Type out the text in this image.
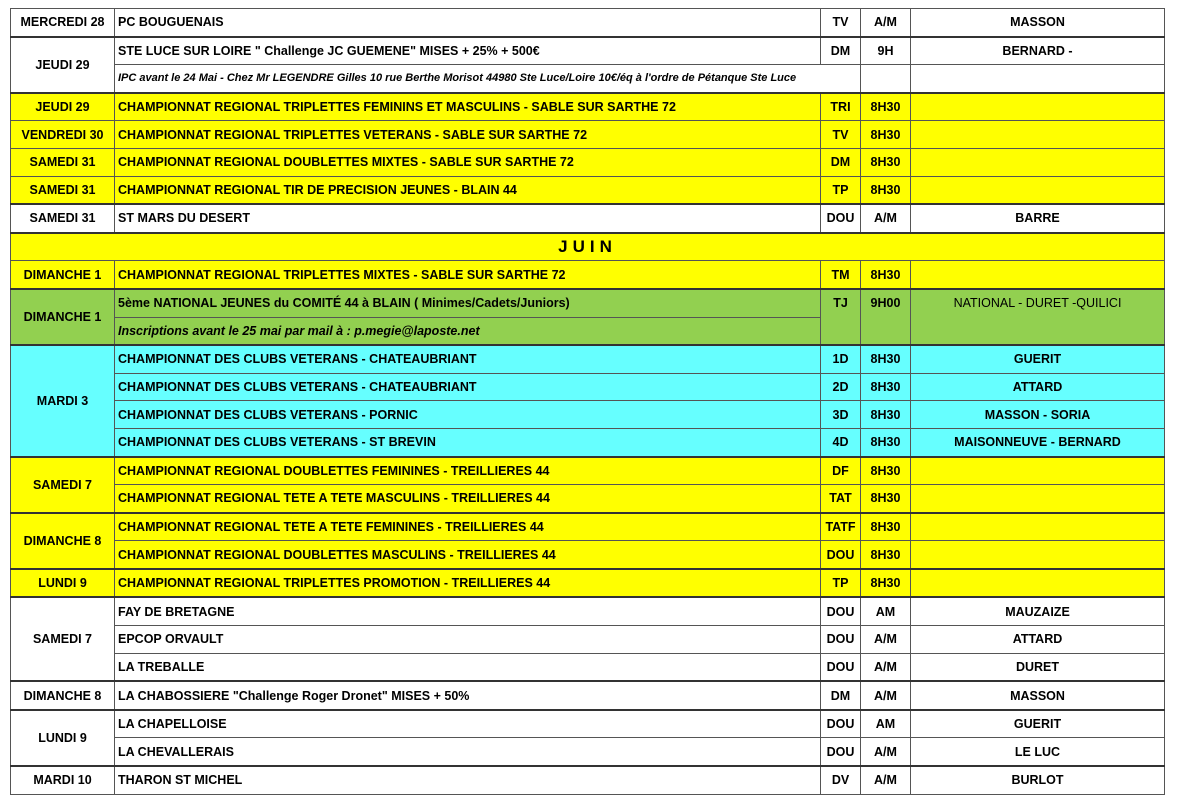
MERCREDI 28	PC BOUGUENAIS	TV	A/M	MASSON
JEUDI 29	STE LUCE SUR LOIRE " Challenge JC GUEMENE" MISES + 25% + 500€	DM	9H	BERNARD -
	IPC avant le 24 Mai - Chez Mr LEGENDRE Gilles 10 rue Berthe Morisot 44980 Ste Luce/Loire 10€/éq à l'ordre de Pétanque Ste Luce			
JEUDI 29	CHAMPIONNAT REGIONAL TRIPLETTES FEMININS ET MASCULINS - SABLE SUR SARTHE 72	TRI	8H30	
VENDREDI 30	CHAMPIONNAT REGIONAL TRIPLETTES VETERANS - SABLE SUR SARTHE 72	TV	8H30	
SAMEDI 31	CHAMPIONNAT REGIONAL DOUBLETTES MIXTES - SABLE SUR SARTHE 72	DM	8H30	
SAMEDI 31	CHAMPIONNAT REGIONAL TIR DE PRECISION JEUNES - BLAIN 44	TP	8H30	
SAMEDI 31	ST MARS DU DESERT	DOU	A/M	BARRE
JUIN				
DIMANCHE 1	CHAMPIONNAT REGIONAL TRIPLETTES MIXTES - SABLE SUR SARTHE 72	TM	8H30	
DIMANCHE 1	5ème NATIONAL JEUNES du COMITÉ 44 à BLAIN ( Minimes/Cadets/Juniors)	TJ	9H00	NATIONAL - DURET -QUILICI
	Inscriptions avant le 25 mai par mail à : p.megie@laposte.net			
MARDI 3	CHAMPIONNAT DES CLUBS VETERANS - CHATEAUBRIANT	1D	8H30	GUERIT
	CHAMPIONNAT DES CLUBS VETERANS - CHATEAUBRIANT	2D	8H30	ATTARD
	CHAMPIONNAT DES CLUBS VETERANS - PORNIC	3D	8H30	MASSON - SORIA
	CHAMPIONNAT DES CLUBS VETERANS - ST BREVIN	4D	8H30	MAISONNEUVE - BERNARD
SAMEDI 7	CHAMPIONNAT REGIONAL DOUBLETTES FEMININES - TREILLIERES 44	DF	8H30	
	CHAMPIONNAT REGIONAL TETE A TETE MASCULINS - TREILLIERES 44	TAT	8H30	
DIMANCHE 8	CHAMPIONNAT REGIONAL TETE A TETE FEMININES - TREILLIERES 44	TATF	8H30	
	CHAMPIONNAT REGIONAL DOUBLETTES MASCULINS - TREILLIERES 44	DOU	8H30	
LUNDI 9	CHAMPIONNAT REGIONAL TRIPLETTES PROMOTION - TREILLIERES 44	TP	8H30	
SAMEDI 7	FAY DE BRETAGNE	DOU	AM	MAUZAIZE
	EPCOP ORVAULT	DOU	A/M	ATTARD
	LA TREBALLE	DOU	A/M	DURET
DIMANCHE 8	LA CHABOSSIERE "Challenge Roger Dronet" MISES + 50%	DM	A/M	MASSON
LUNDI 9	LA CHAPELLOISE	DOU	AM	GUERIT
	LA CHEVALLERAIS	DOU	A/M	LE LUC
MARDI 10	THARON ST MICHEL	DV	A/M	BURLOT
